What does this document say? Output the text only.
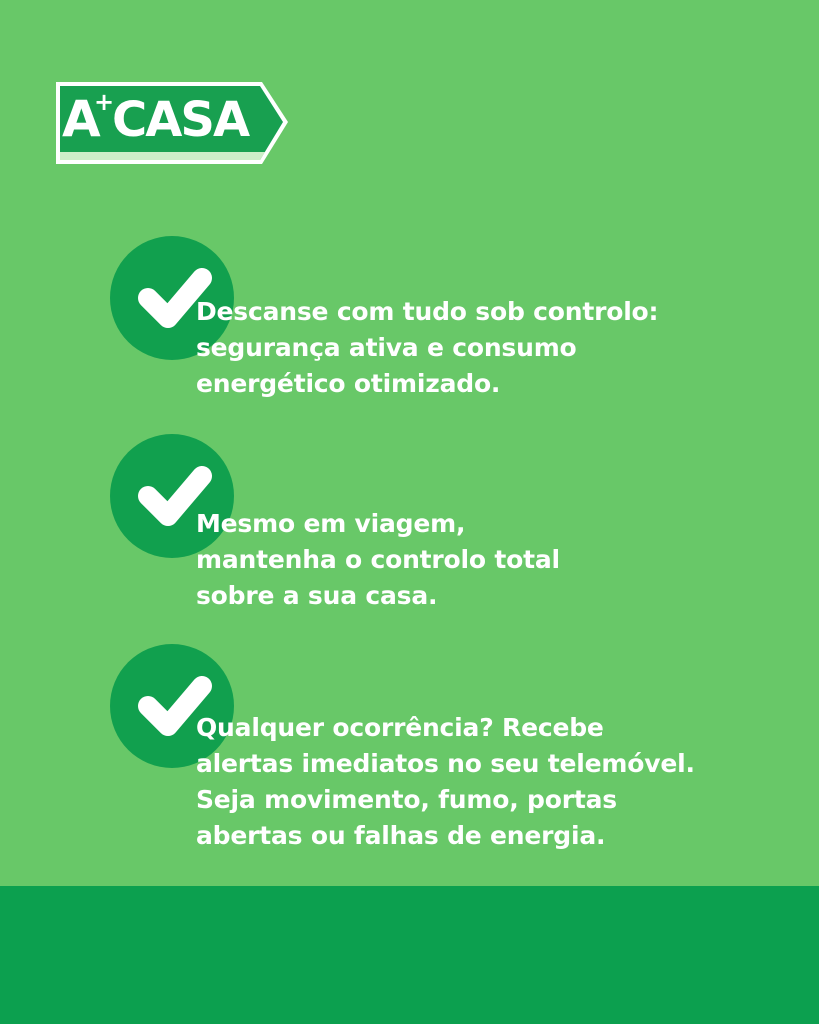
A
+
CASA

Descanse com tudo sob controlo:
segurança ativa e consumo
energético otimizado.

Mesmo em viagem,
mantenha o controlo total
sobre a sua casa.

Qualquer ocorrência? Recebe
alertas imediatos no seu telemóvel.
Seja movimento, fumo, portas
abertas ou falhas de energia.
